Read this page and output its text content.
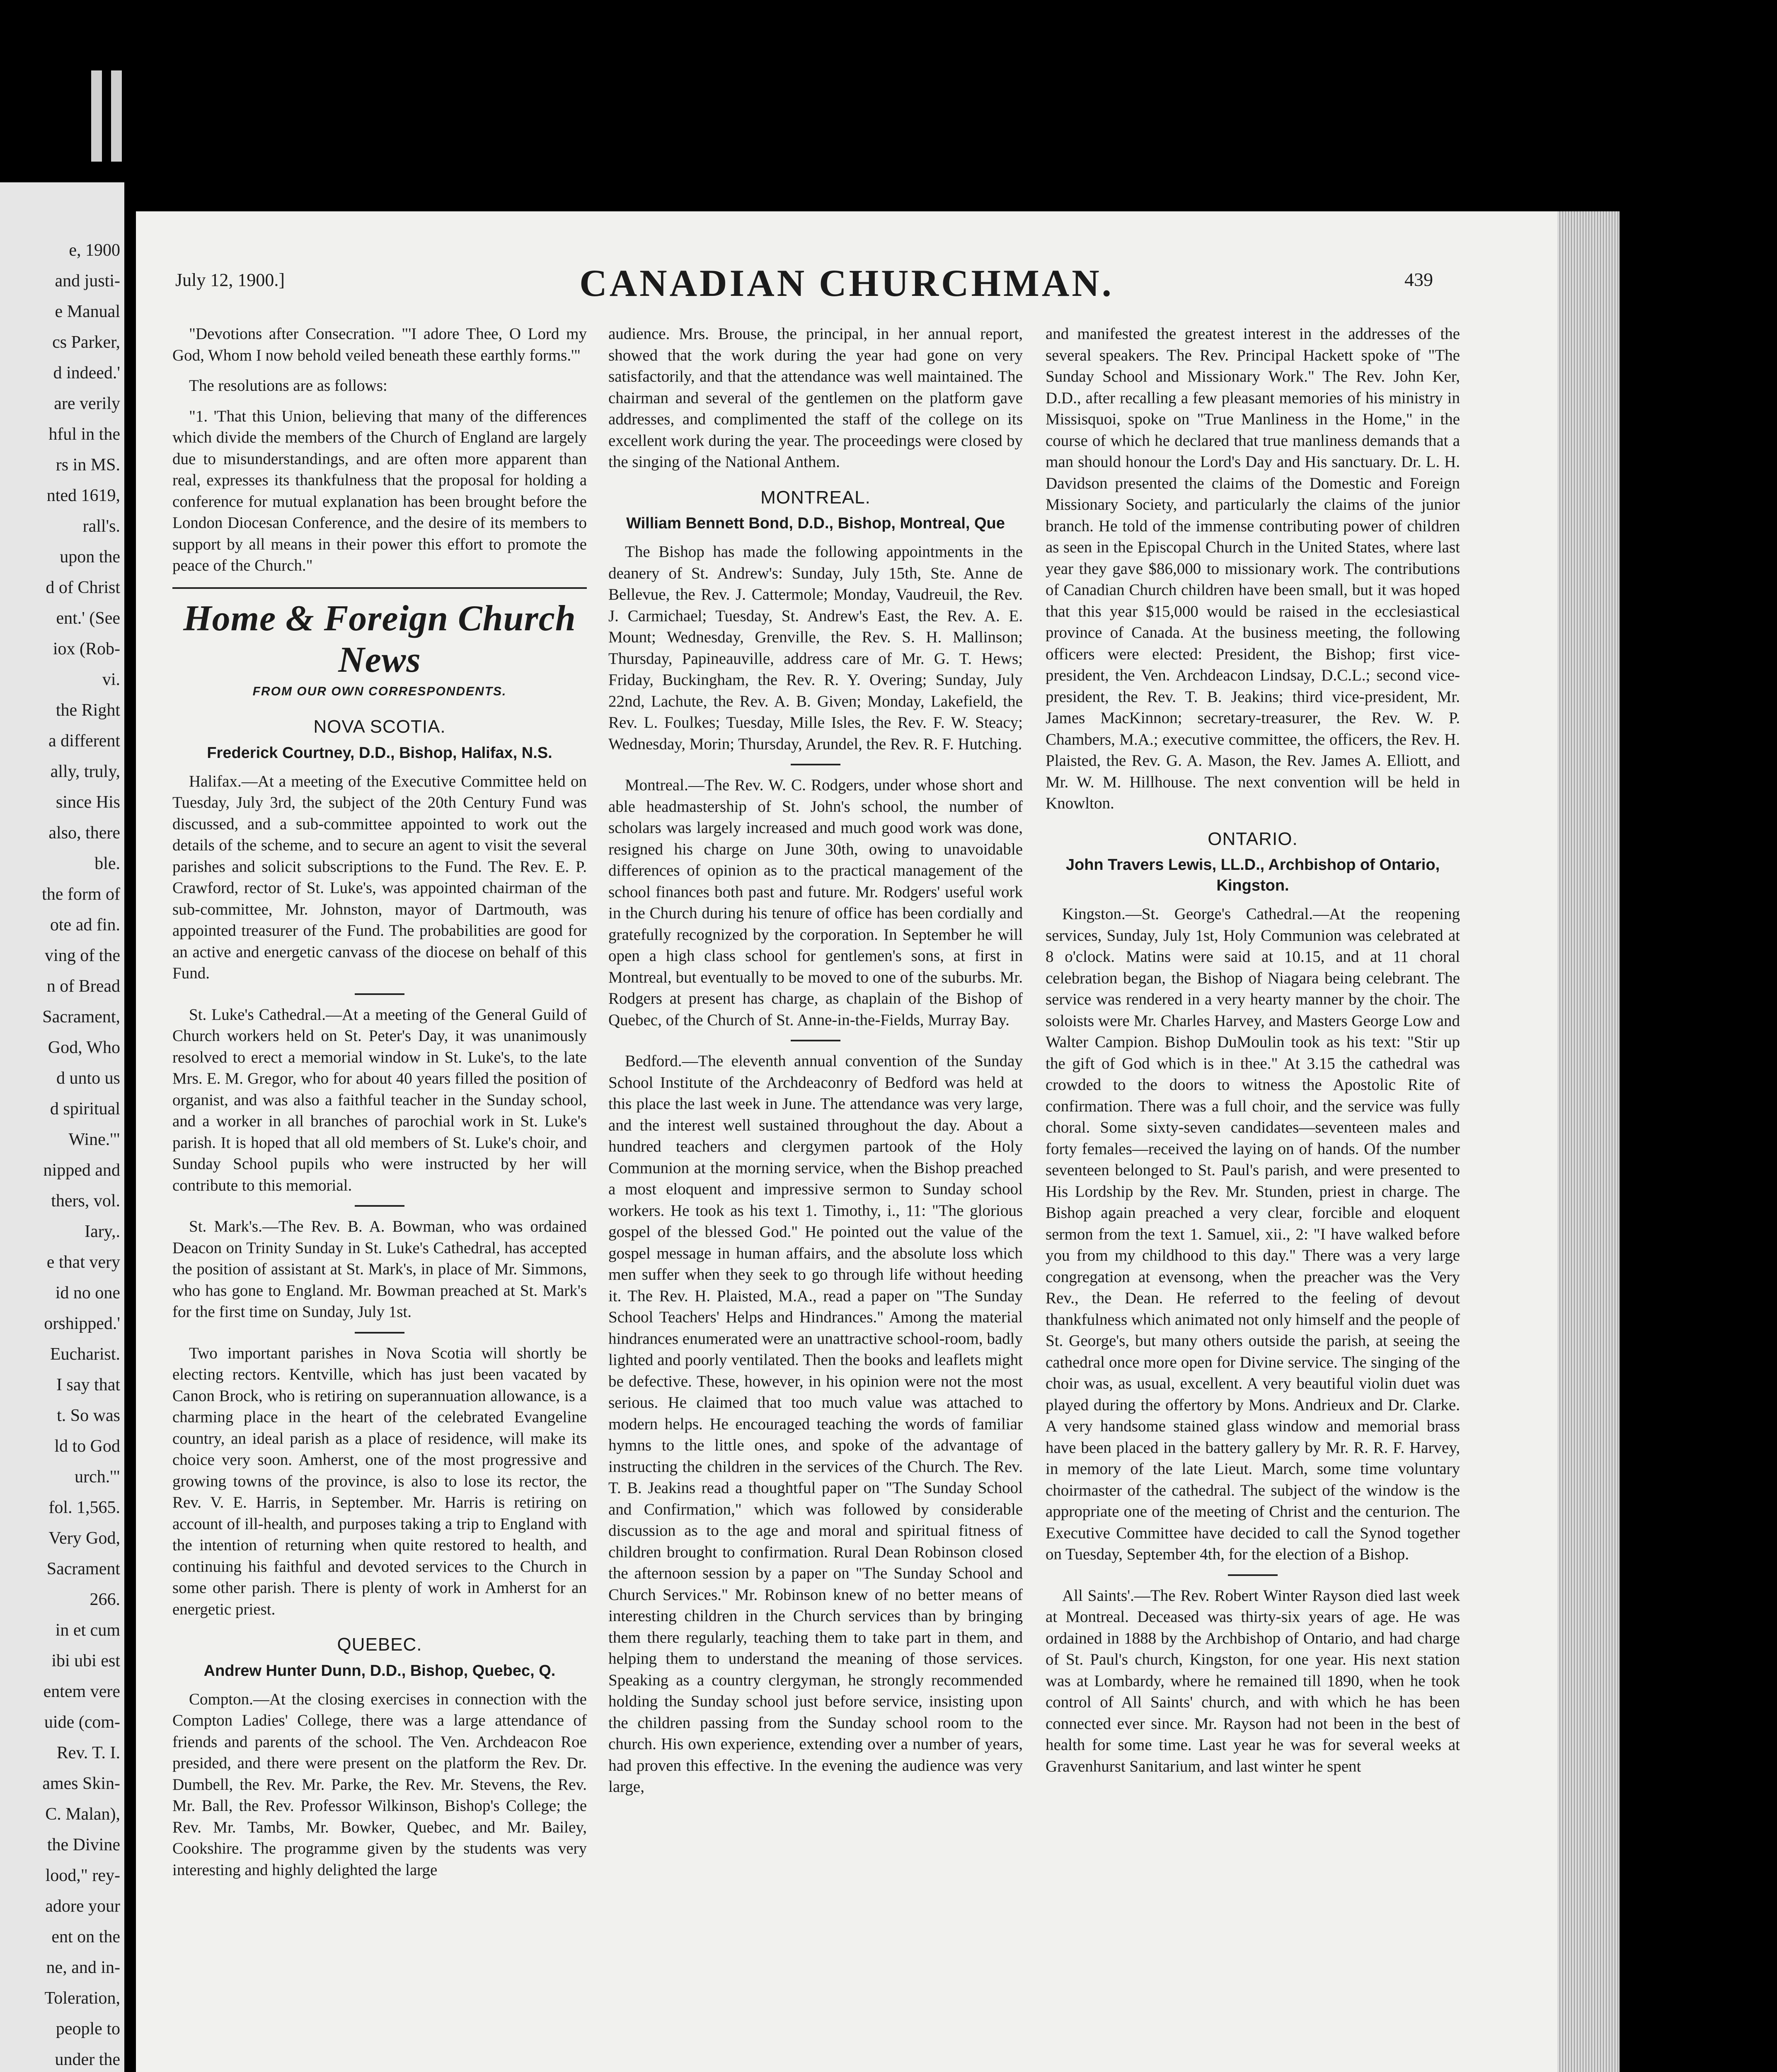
e, 1900
and justi-
e Manual
cs Parker,
d indeed.'
are verily
hful in the
rs in MS.
nted 1619,
rall's.
upon the
d of Christ
ent.' (See
iox (Rob-
vi.
the Right
a different
ally, truly,
since His
also, there
ble.
the form of
ote ad fin.
ving of the
n of Bread
Sacrament,
God, Who
d unto us
d spiritual
Wine.'"
nipped and
thers, vol.
Iary,.
e that very
id no one
orshipped.'
Eucharist.
I say that
t. So was
ld to God
urch.'"
fol. 1,565.
Very God,
Sacrament
266.
in et cum
ibi ubi est
entem vere
uide (com-
Rev. T. I.
ames Skin-
C. Malan),
the Divine
lood," rey-
adore your
ent on the
ne, and in-
Toleration,
people to
under the
CANADIAN CHURCHMAN.
July 12, 1900.]	439

"Devotions after Consecration. "'I adore Thee, O Lord my God, Whom I now behold veiled beneath these earthly forms.'"

The resolutions are as follows:

"1. 'That this Union, believing that many of the differences which divide the members of the Church of England are largely due to misunderstandings, and are often more apparent than real, expresses its thankfulness that the proposal for holding a conference for mutual explanation has been brought before the London Diocesan Conference, and the desire of its members to support by all means in their power this effort to promote the peace of the Church."

Home & Foreign Church News
FROM OUR OWN CORRESPONDENTS.
NOVA SCOTIA.
Frederick Courtney, D.D., Bishop, Halifax, N.S.

Halifax.—At a meeting of the Executive Committee held on Tuesday, July 3rd, the subject of the 20th Century Fund was discussed, and a sub-committee appointed to work out the details of the scheme, and to secure an agent to visit the several parishes and solicit subscriptions to the Fund. The Rev. E. P. Crawford, rector of St. Luke's, was appointed chairman of the sub-committee, Mr. Johnston, mayor of Dartmouth, was appointed treasurer of the Fund. The probabilities are good for an active and energetic canvass of the diocese on behalf of this Fund.

St. Luke's Cathedral.—At a meeting of the General Guild of Church workers held on St. Peter's Day, it was unanimously resolved to erect a memorial window in St. Luke's, to the late Mrs. E. M. Gregor, who for about 40 years filled the position of organist, and was also a faithful teacher in the Sunday school, and a worker in all branches of parochial work in St. Luke's parish. It is hoped that all old members of St. Luke's choir, and Sunday School pupils who were instructed by her will contribute to this memorial.

St. Mark's.—The Rev. B. A. Bowman, who was ordained Deacon on Trinity Sunday in St. Luke's Cathedral, has accepted the position of assistant at St. Mark's, in place of Mr. Simmons, who has gone to England. Mr. Bowman preached at St. Mark's for the first time on Sunday, July 1st.

Two important parishes in Nova Scotia will shortly be electing rectors. Kentville, which has just been vacated by Canon Brock, who is retiring on superannuation allowance, is a charming place in the heart of the celebrated Evangeline country, an ideal parish as a place of residence, will make its choice very soon. Amherst, one of the most progressive and growing towns of the province, is also to lose its rector, the Rev. V. E. Harris, in September. Mr. Harris is retiring on account of ill-health, and purposes taking a trip to England with the intention of returning when quite restored to health, and continuing his faithful and devoted services to the Church in some other parish. There is plenty of work in Amherst for an energetic priest.

QUEBEC.
Andrew Hunter Dunn, D.D., Bishop, Quebec, Q.

Compton.—At the closing exercises in connection with the Compton Ladies' College, there was a large attendance of friends and parents of the school. The Ven. Archdeacon Roe presided, and there were present on the platform the Rev. Dr. Dumbell, the Rev. Mr. Parke, the Rev. Mr. Stevens, the Rev. Mr. Ball, the Rev. Professor Wilkinson, Bishop's College; the Rev. Mr. Tambs, Mr. Bowker, Quebec, and Mr. Bailey, Cookshire. The programme given by the students was very interesting and highly delighted the large

audience. Mrs. Brouse, the principal, in her annual report, showed that the work during the year had gone on very satisfactorily, and that the attendance was well maintained. The chairman and several of the gentlemen on the platform gave addresses, and complimented the staff of the college on its excellent work during the year. The proceedings were closed by the singing of the National Anthem.

MONTREAL.
William Bennett Bond, D.D., Bishop, Montreal, Que

The Bishop has made the following appointments in the deanery of St. Andrew's: Sunday, July 15th, Ste. Anne de Bellevue, the Rev. J. Cattermole; Monday, Vaudreuil, the Rev. J. Carmichael; Tuesday, St. Andrew's East, the Rev. A. E. Mount; Wednesday, Grenville, the Rev. S. H. Mallinson; Thursday, Papineauville, address care of Mr. G. T. Hews; Friday, Buckingham, the Rev. R. Y. Overing; Sunday, July 22nd, Lachute, the Rev. A. B. Given; Monday, Lakefield, the Rev. L. Foulkes; Tuesday, Mille Isles, the Rev. F. W. Steacy; Wednesday, Morin; Thursday, Arundel, the Rev. R. F. Hutching.

Montreal.—The Rev. W. C. Rodgers, under whose short and able headmastership of St. John's school, the number of scholars was largely increased and much good work was done, resigned his charge on June 30th, owing to unavoidable differences of opinion as to the practical management of the school finances both past and future. Mr. Rodgers' useful work in the Church during his tenure of office has been cordially and gratefully recognized by the corporation. In September he will open a high class school for gentlemen's sons, at first in Montreal, but eventually to be moved to one of the suburbs. Mr. Rodgers at present has charge, as chaplain of the Bishop of Quebec, of the Church of St. Anne-in-the-Fields, Murray Bay.

Bedford.—The eleventh annual convention of the Sunday School Institute of the Archdeaconry of Bedford was held at this place the last week in June. The attendance was very large, and the interest well sustained throughout the day. About a hundred teachers and clergymen partook of the Holy Communion at the morning service, when the Bishop preached a most eloquent and impressive sermon to Sunday school workers. He took as his text 1. Timothy, i., 11: "The glorious gospel of the blessed God." He pointed out the value of the gospel message in human affairs, and the absolute loss which men suffer when they seek to go through life without heeding it. The Rev. H. Plaisted, M.A., read a paper on "The Sunday School Teachers' Helps and Hindrances." Among the material hindrances enumerated were an unattractive school-room, badly lighted and poorly ventilated. Then the books and leaflets might be defective. These, however, in his opinion were not the most serious. He claimed that too much value was attached to modern helps. He encouraged teaching the words of familiar hymns to the little ones, and spoke of the advantage of instructing the children in the services of the Church. The Rev. T. B. Jeakins read a thoughtful paper on "The Sunday School and Confirmation," which was followed by considerable discussion as to the age and moral and spiritual fitness of children brought to confirmation. Rural Dean Robinson closed the afternoon session by a paper on "The Sunday School and Church Services." Mr. Robinson knew of no better means of interesting children in the Church services than by bringing them there regularly, teaching them to take part in them, and helping them to understand the meaning of those services. Speaking as a country clergyman, he strongly recommended holding the Sunday school just before service, insisting upon the children passing from the Sunday school room to the church. His own experience, extending over a number of years, had proven this effective. In the evening the audience was very large,

and manifested the greatest interest in the addresses of the several speakers. The Rev. Principal Hackett spoke of "The Sunday School and Missionary Work." The Rev. John Ker, D.D., after recalling a few pleasant memories of his ministry in Missisquoi, spoke on "True Manliness in the Home," in the course of which he declared that true manliness demands that a man should honour the Lord's Day and His sanctuary. Dr. L. H. Davidson presented the claims of the Domestic and Foreign Missionary Society, and particularly the claims of the junior branch. He told of the immense contributing power of children as seen in the Episcopal Church in the United States, where last year they gave $86,000 to missionary work. The contributions of Canadian Church children have been small, but it was hoped that this year $15,000 would be raised in the ecclesiastical province of Canada. At the business meeting, the following officers were elected: President, the Bishop; first vice-president, the Ven. Archdeacon Lindsay, D.C.L.; second vice-president, the Rev. T. B. Jeakins; third vice-president, Mr. James MacKinnon; secretary-treasurer, the Rev. W. P. Chambers, M.A.; executive committee, the officers, the Rev. H. Plaisted, the Rev. G. A. Mason, the Rev. James A. Elliott, and Mr. W. M. Hillhouse. The next convention will be held in Knowlton.

ONTARIO.
John Travers Lewis, LL.D., Archbishop of Ontario, Kingston.

Kingston.—St. George's Cathedral.—At the reopening services, Sunday, July 1st, Holy Communion was celebrated at 8 o'clock. Matins were said at 10.15, and at 11 choral celebration began, the Bishop of Niagara being celebrant. The service was rendered in a very hearty manner by the choir. The soloists were Mr. Charles Harvey, and Masters George Low and Walter Campion. Bishop DuMoulin took as his text: "Stir up the gift of God which is in thee." At 3.15 the cathedral was crowded to the doors to witness the Apostolic Rite of confirmation. There was a full choir, and the service was fully choral. Some sixty-seven candidates—seventeen males and forty females—received the laying on of hands. Of the number seventeen belonged to St. Paul's parish, and were presented to His Lordship by the Rev. Mr. Stunden, priest in charge. The Bishop again preached a very clear, forcible and eloquent sermon from the text 1. Samuel, xii., 2: "I have walked before you from my childhood to this day." There was a very large congregation at evensong, when the preacher was the Very Rev., the Dean. He referred to the feeling of devout thankfulness which animated not only himself and the people of St. George's, but many others outside the parish, at seeing the cathedral once more open for Divine service. The singing of the choir was, as usual, excellent. A very beautiful violin duet was played during the offertory by Mons. Andrieux and Dr. Clarke. A very handsome stained glass window and memorial brass have been placed in the battery gallery by Mr. R. R. F. Harvey, in memory of the late Lieut. March, some time voluntary choirmaster of the cathedral. The subject of the window is the appropriate one of the meeting of Christ and the centurion. The Executive Committee have decided to call the Synod together on Tuesday, September 4th, for the election of a Bishop.

All Saints'.—The Rev. Robert Winter Rayson died last week at Montreal. Deceased was thirty-six years of age. He was ordained in 1888 by the Archbishop of Ontario, and had charge of St. Paul's church, Kingston, for one year. His next station was at Lombardy, where he remained till 1890, when he took control of All Saints' church, and with which he has been connected ever since. Mr. Rayson had not been in the best of health for some time. Last year he was for several weeks at Gravenhurst Sanitarium, and last winter he spent
